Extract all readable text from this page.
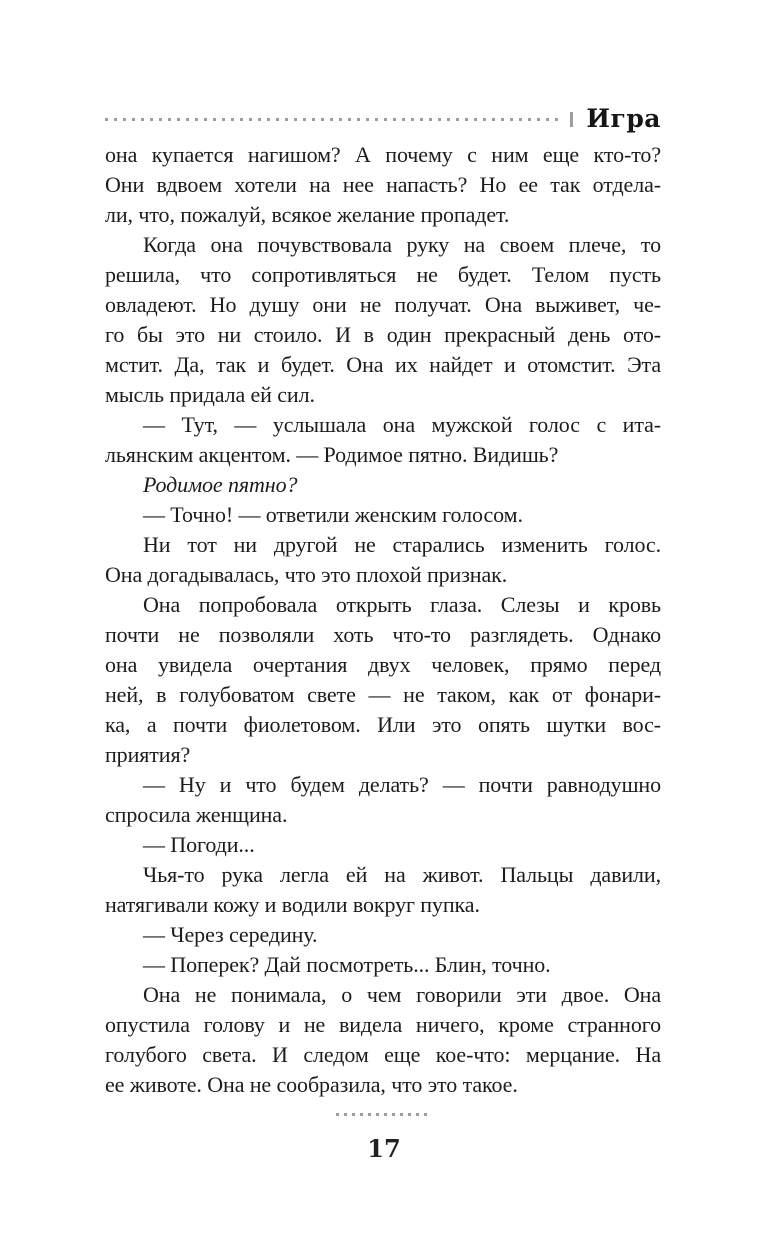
Игра
она купается нагишом? А почему с ним еще кто-то?
Они вдвоем хотели на нее напасть? Но ее так отдела-
ли, что, пожалуй, всякое желание пропадет.
Когда она почувствовала руку на своем плече, то
решила, что сопротивляться не будет. Телом пусть
овладеют. Но душу они не получат. Она выживет, че-
го бы это ни стоило. И в один прекрасный день ото-
мстит. Да, так и будет. Она их найдет и отомстит. Эта
мысль придала ей сил.
— Тут, — услышала она мужской голос с ита-
льянским акцентом. — Родимое пятно. Видишь?
Родимое пятно?
— Точно! — ответили женским голосом.
Ни тот ни другой не старались изменить голос.
Она догадывалась, что это плохой признак.
Она попробовала открыть глаза. Слезы и кровь
почти не позволяли хоть что-то разглядеть. Однако
она увидела очертания двух человек, прямо перед
ней, в голубоватом свете — не таком, как от фонари-
ка, а почти фиолетовом. Или это опять шутки вос-
приятия?
— Ну и что будем делать? — почти равнодушно
спросила женщина.
— Погоди...
Чья-то рука легла ей на живот. Пальцы давили,
натягивали кожу и водили вокруг пупка.
— Через середину.
— Поперек? Дай посмотреть... Блин, точно.
Она не понимала, о чем говорили эти двое. Она
опустила голову и не видела ничего, кроме странного
голубого света. И следом еще кое-что: мерцание. На
ее животе. Она не сообразила, что это такое.
17
